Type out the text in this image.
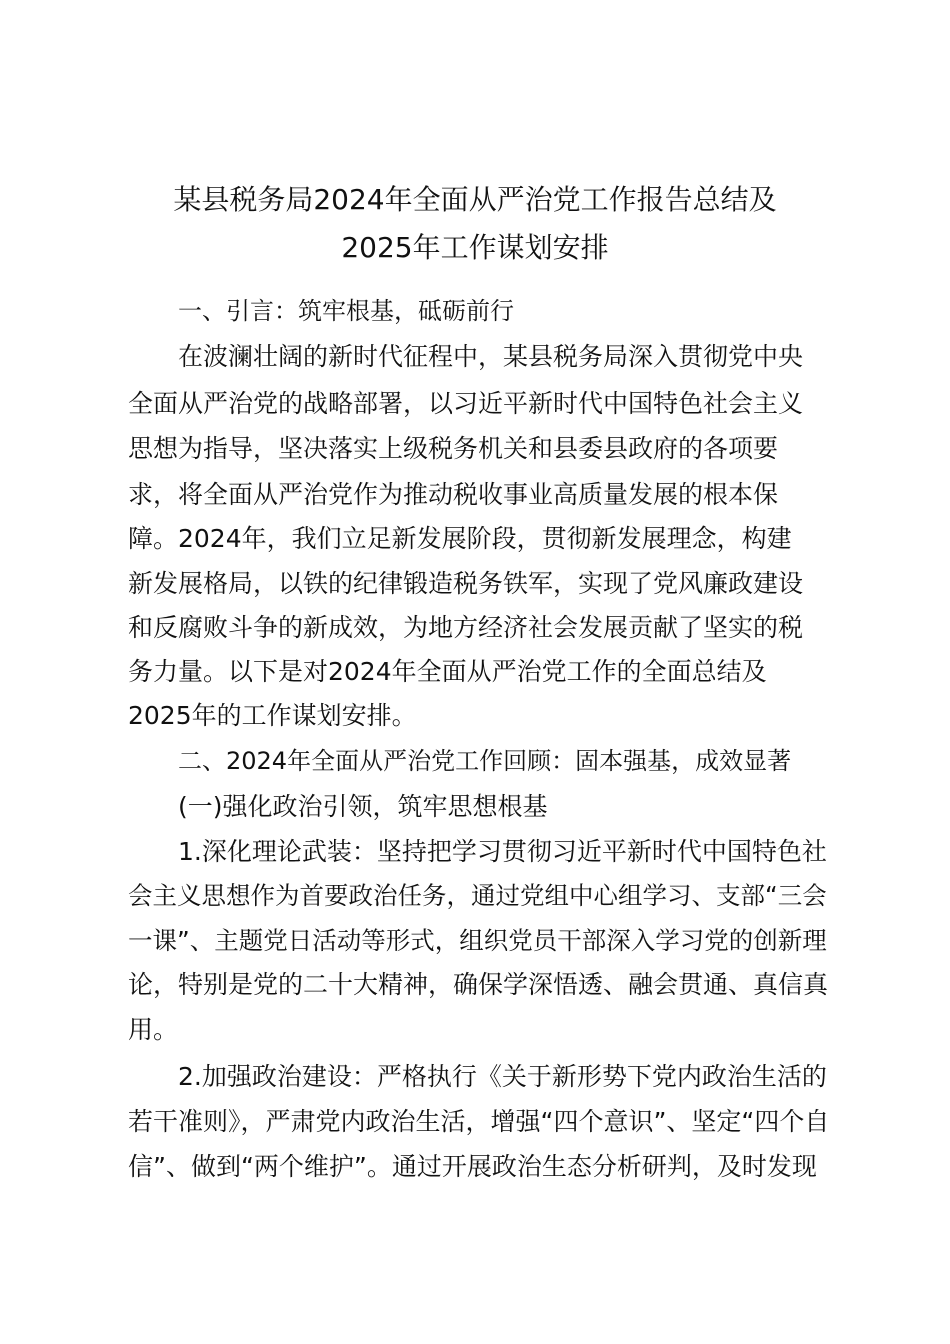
某县税务局2024年全面从严治党工作报告总结及
2025年工作谋划安排

一、引言：筑牢根基，砥砺前行

在波澜壮阔的新时代征程中，某县税务局深入贯彻党中央

全面从严治党的战略部署，以习近平新时代中国特色社会主义

思想为指导，坚决落实上级税务机关和县委县政府的各项要

求，将全面从严治党作为推动税收事业高质量发展的根本保

障。2024年，我们立足新发展阶段，贯彻新发展理念，构建

新发展格局，以铁的纪律锻造税务铁军，实现了党风廉政建设

和反腐败斗争的新成效，为地方经济社会发展贡献了坚实的税

务力量。以下是对2024年全面从严治党工作的全面总结及

2025年的工作谋划安排。

二、2024年全面从严治党工作回顾：固本强基，成效显著

(一)强化政治引领，筑牢思想根基

1.深化理论武装：坚持把学习贯彻习近平新时代中国特色社

会主义思想作为首要政治任务，通过党组中心组学习、支部“三会

一课”、主题党日活动等形式，组织党员干部深入学习党的创新理

论，特别是党的二十大精神，确保学深悟透、融会贯通、真信真

用。

2.加强政治建设：严格执行《关于新形势下党内政治生活的

若干准则》，严肃党内政治生活，增强“四个意识”、坚定“四个自

信”、做到“两个维护”。通过开展政治生态分析研判，及时发现
